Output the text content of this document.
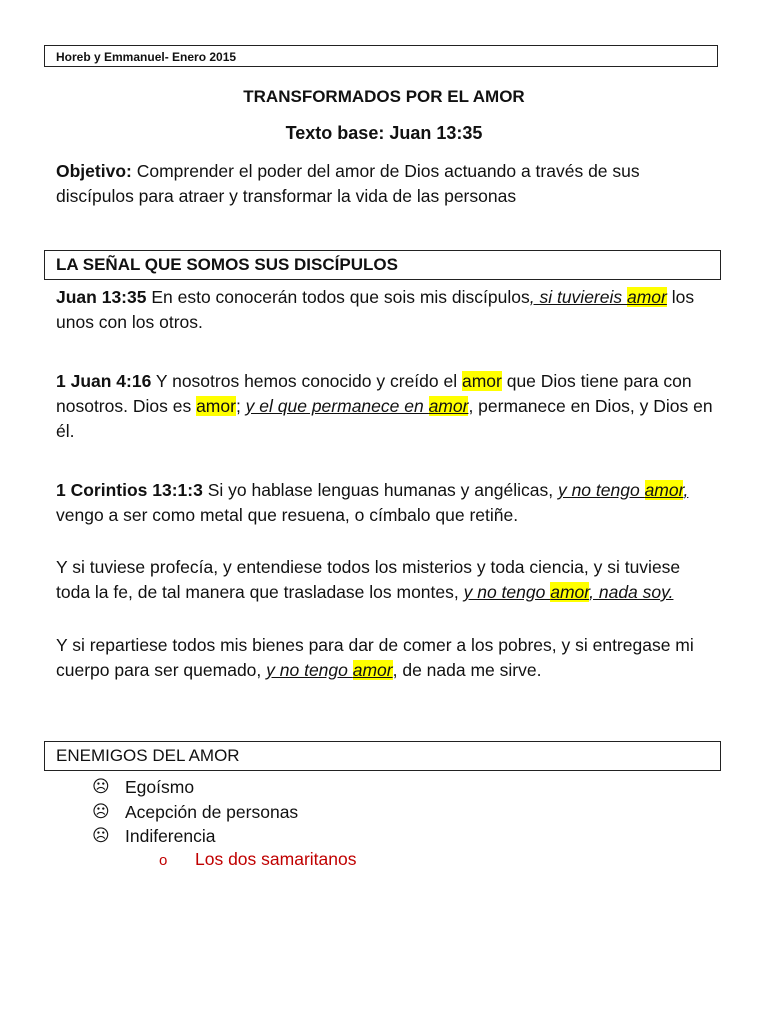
Horeb y Emmanuel- Enero 2015
TRANSFORMADOS POR EL AMOR
Texto base: Juan 13:35
Objetivo: Comprender el poder del amor de Dios actuando a través de sus discípulos para atraer y transformar la vida de las personas
LA SEÑAL QUE SOMOS SUS DISCÍPULOS
Juan 13:35 En esto conocerán todos que sois mis discípulos, si tuviereis amor los unos con los otros.
1 Juan 4:16 Y nosotros hemos conocido y creído el amor que Dios tiene para con nosotros. Dios es amor; y el que permanece en amor, permanece en Dios, y Dios en él.
1 Corintios 13:1:3 Si yo hablase lenguas humanas y angélicas, y no tengo amor, vengo a ser como metal que resuena, o címbalo que retiñe.
Y si tuviese profecía, y entendiese todos los misterios y toda ciencia, y si tuviese toda la fe, de tal manera que trasladase los montes, y no tengo amor, nada soy.
Y si repartiese todos mis bienes para dar de comer a los pobres, y si entregase mi cuerpo para ser quemado, y no tengo amor, de nada me sirve.
ENEMIGOS DEL AMOR
☹ Egoísmo
☹ Acepción de personas
☹ Indiferencia
o Los dos samaritanos
